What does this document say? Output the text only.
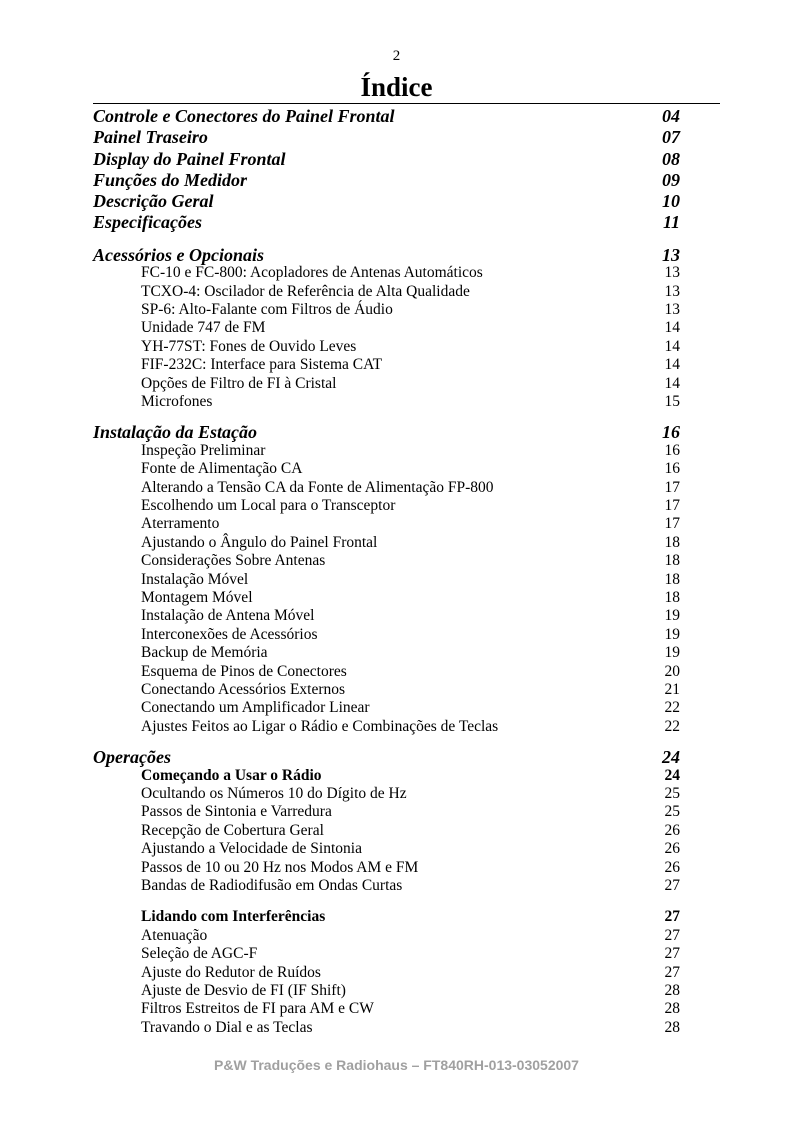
2
Índice
Controle e Conectores do Painel Frontal	04
Painel Traseiro	07
Display do Painel Frontal	08
Funções do Medidor	09
Descrição Geral	10
Especificações	11
Acessórios e Opcionais	13
FC-10 e FC-800: Acopladores de Antenas Automáticos	13
TCXO-4: Oscilador de Referência de Alta Qualidade	13
SP-6: Alto-Falante com Filtros de Áudio	13
Unidade 747 de FM	14
YH-77ST: Fones de Ouvido Leves	14
FIF-232C: Interface para Sistema CAT	14
Opções de Filtro de FI à Cristal	14
Microfones	15
Instalação da Estação	16
Inspeção Preliminar	16
Fonte de Alimentação CA	16
Alterando a Tensão CA da Fonte de Alimentação FP-800	17
Escolhendo um Local para o Transceptor	17
Aterramento	17
Ajustando o Ângulo do Painel Frontal	18
Considerações Sobre Antenas	18
Instalação Móvel	18
Montagem Móvel	18
Instalação de Antena Móvel	19
Interconexões de Acessórios	19
Backup de Memória	19
Esquema de Pinos de Conectores	20
Conectando Acessórios Externos	21
Conectando um Amplificador Linear	22
Ajustes Feitos ao Ligar o Rádio e Combinações de Teclas	22
Operações	24
Começando a Usar o Rádio	24
Ocultando os Números 10 do Dígito de Hz	25
Passos de Sintonia e Varredura	25
Recepção de Cobertura Geral	26
Ajustando a Velocidade de Sintonia	26
Passos de 10 ou 20 Hz nos Modos AM e FM	26
Bandas de Radiodifusão em Ondas Curtas	27
Lidando com Interferências	27
Atenuação	27
Seleção de AGC-F	27
Ajuste do Redutor de Ruídos	27
Ajuste de Desvio de FI (IF Shift)	28
Filtros Estreitos de FI para AM e CW	28
Travando o Dial e as Teclas	28
P&W Traduções e Radiohaus – FT840RH-013-03052007
